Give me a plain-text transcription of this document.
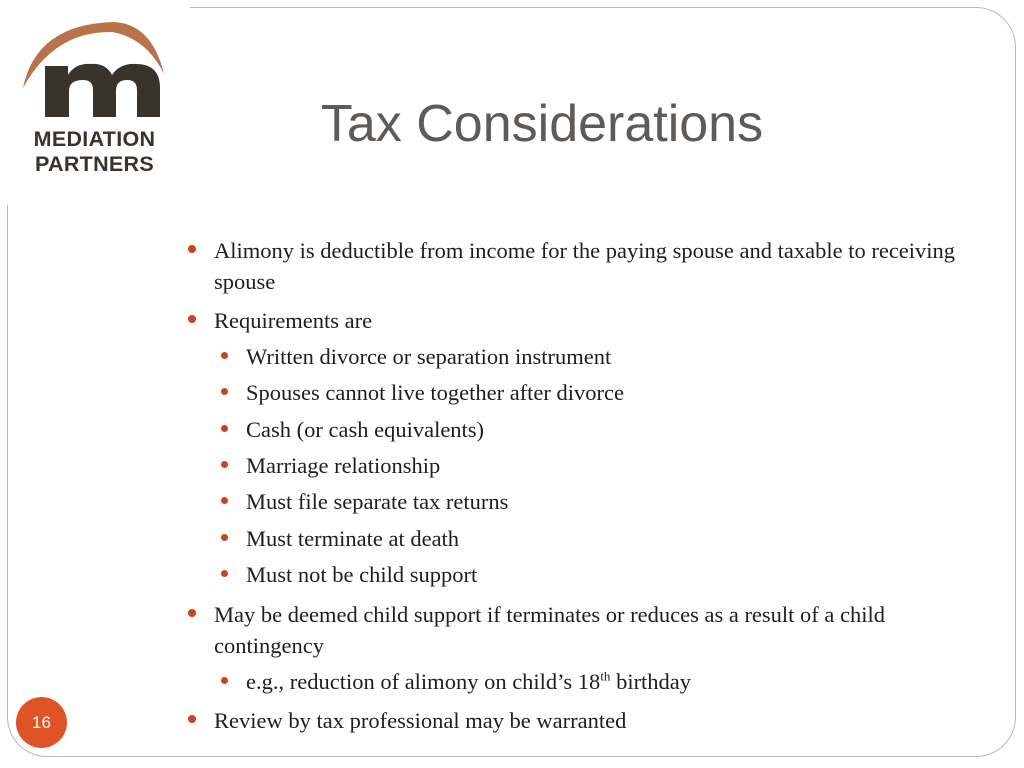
MEDIATION
PARTNERS
Tax Considerations
Alimony is deductible from income for the paying spouse and taxable to receiving spouse
Requirements are
Written divorce or separation instrument
Spouses cannot live together after divorce
Cash (or cash equivalents)
Marriage relationship
Must file separate tax returns
Must terminate at death
Must not be child support
May be deemed child support if terminates or reduces as a result of a child contingency
e.g., reduction of alimony on child’s 18th birthday
Review by tax professional may be warranted
16
